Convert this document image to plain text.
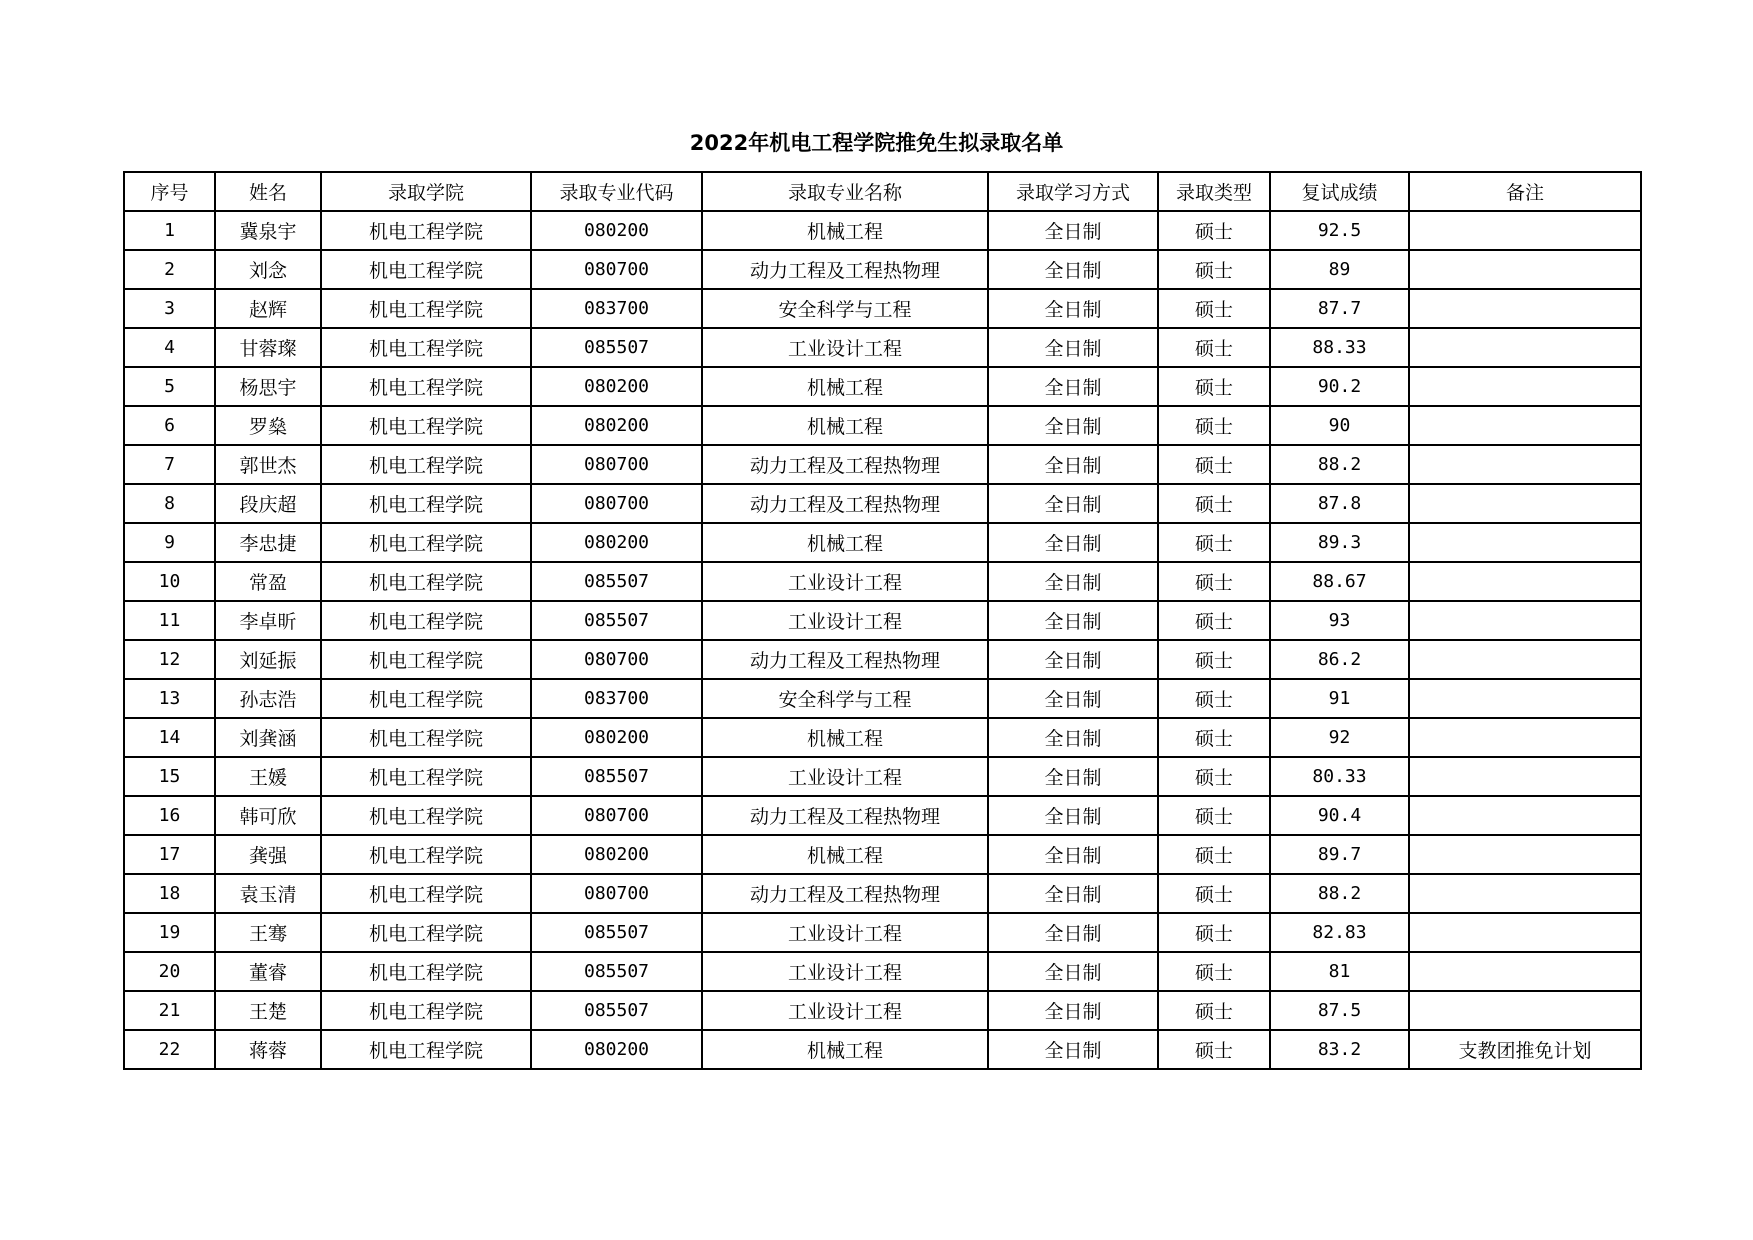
2022年机电工程学院推免生拟录取名单
序号	姓名	录取学院	录取专业代码	录取专业名称	录取学习方式	录取类型	复试成绩	备注
1	冀泉宇	机电工程学院	080200	机械工程	全日制	硕士	92.5	
2	刘念	机电工程学院	080700	动力工程及工程热物理	全日制	硕士	89	
3	赵辉	机电工程学院	083700	安全科学与工程	全日制	硕士	87.7	
4	甘蓉璨	机电工程学院	085507	工业设计工程	全日制	硕士	88.33	
5	杨思宇	机电工程学院	080200	机械工程	全日制	硕士	90.2	
6	罗燊	机电工程学院	080200	机械工程	全日制	硕士	90	
7	郭世杰	机电工程学院	080700	动力工程及工程热物理	全日制	硕士	88.2	
8	段庆超	机电工程学院	080700	动力工程及工程热物理	全日制	硕士	87.8	
9	李忠捷	机电工程学院	080200	机械工程	全日制	硕士	89.3	
10	常盈	机电工程学院	085507	工业设计工程	全日制	硕士	88.67	
11	李卓昕	机电工程学院	085507	工业设计工程	全日制	硕士	93	
12	刘延振	机电工程学院	080700	动力工程及工程热物理	全日制	硕士	86.2	
13	孙志浩	机电工程学院	083700	安全科学与工程	全日制	硕士	91	
14	刘龚涵	机电工程学院	080200	机械工程	全日制	硕士	92	
15	王媛	机电工程学院	085507	工业设计工程	全日制	硕士	80.33	
16	韩可欣	机电工程学院	080700	动力工程及工程热物理	全日制	硕士	90.4	
17	龚强	机电工程学院	080200	机械工程	全日制	硕士	89.7	
18	袁玉清	机电工程学院	080700	动力工程及工程热物理	全日制	硕士	88.2	
19	王骞	机电工程学院	085507	工业设计工程	全日制	硕士	82.83	
20	董睿	机电工程学院	085507	工业设计工程	全日制	硕士	81	
21	王楚	机电工程学院	085507	工业设计工程	全日制	硕士	87.5	
22	蒋蓉	机电工程学院	080200	机械工程	全日制	硕士	83.2	支教团推免计划
